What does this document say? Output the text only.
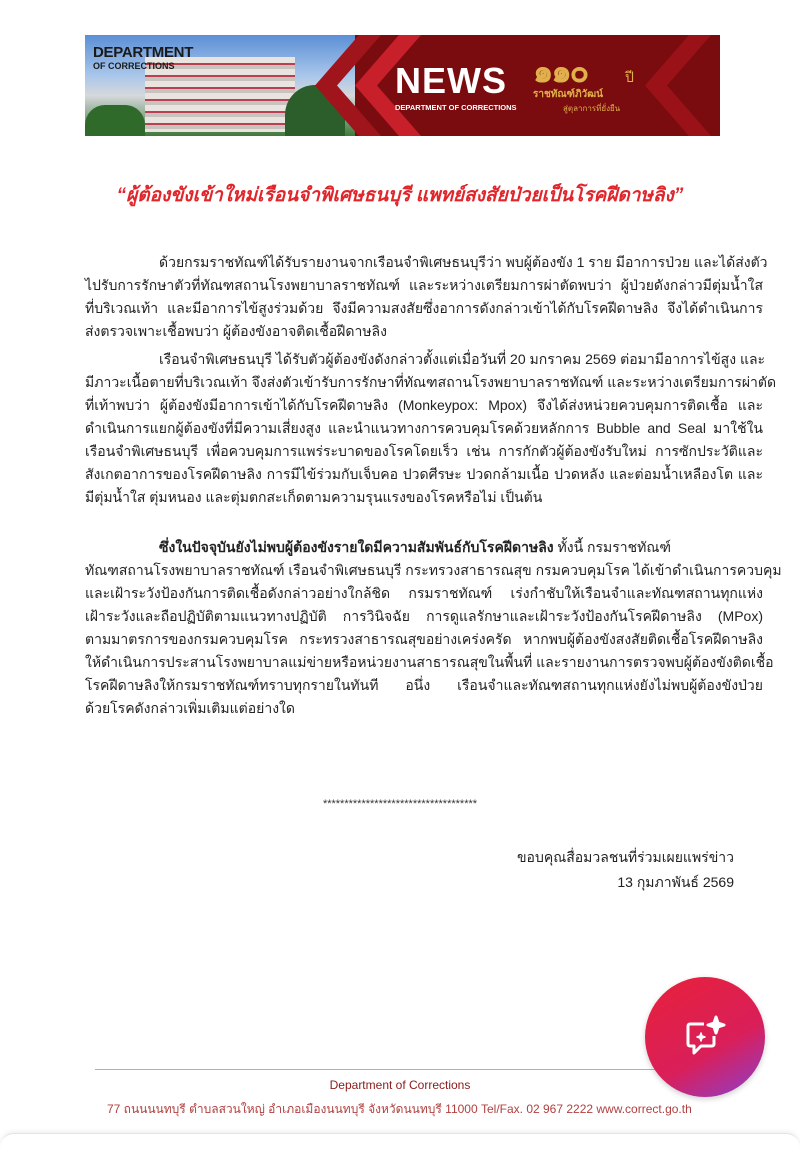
DEPARTMENT
OF CORRECTIONS	NEWS
DEPARTMENT OF CORRECTIONS
๑๑๐	ปี
ราชทัณฑ์ภิวัฒน์
สู่ตุลาการที่ยั่งยืน
“ผู้ต้องขังเข้าใหม่เรือนจำพิเศษธนบุรี แพทย์สงสัยป่วยเป็นโรคฝีดาษลิง”
ด้วยกรมราชทัณฑ์ได้รับรายงานจากเรือนจำพิเศษธนบุรีว่า พบผู้ต้องขัง 1 ราย มีอาการป่วย และได้ส่งตัว
ไปรับการรักษาตัวที่ทัณฑสถานโรงพยาบาลราชทัณฑ์ และระหว่างเตรียมการผ่าตัดพบว่า ผู้ป่วยดังกล่าวมีตุ่มน้ำใส
ที่บริเวณเท้า และมีอาการไข้สูงร่วมด้วย จึงมีความสงสัยซึ่งอาการดังกล่าวเข้าได้กับโรคฝีดาษลิง จึงได้ดำเนินการ
ส่งตรวจเพาะเชื้อพบว่า ผู้ต้องขังอาจติดเชื้อฝีดาษลิง
เรือนจำพิเศษธนบุรี ได้รับตัวผู้ต้องขังดังกล่าวตั้งแต่เมื่อวันที่ 20 มกราคม 2569 ต่อมามีอาการไข้สูง และ
มีภาวะเนื้อตายที่บริเวณเท้า จึงส่งตัวเข้ารับการรักษาที่ทัณฑสถานโรงพยาบาลราชทัณฑ์ และระหว่างเตรียมการผ่าตัด
ที่เท้าพบว่า ผู้ต้องขังมีอาการเข้าได้กับโรคฝีดาษลิง (Monkeypox: Mpox) จึงได้ส่งหน่วยควบคุมการติดเชื้อ และ
ดำเนินการแยกผู้ต้องขังที่มีความเสี่ยงสูง และนำแนวทางการควบคุมโรคด้วยหลักการ Bubble and Seal มาใช้ใน
เรือนจำพิเศษธนบุรี เพื่อควบคุมการแพร่ระบาดของโรคโดยเร็ว เช่น การกักตัวผู้ต้องขังรับใหม่ การซักประวัติและ
สังเกตอาการของโรคฝีดาษลิง การมีไข้ร่วมกับเจ็บคอ ปวดศีรษะ ปวดกล้ามเนื้อ ปวดหลัง และต่อมน้ำเหลืองโต และ
มีตุ่มน้ำใส ตุ่มหนอง และตุ่มตกสะเก็ดตามความรุนแรงของโรคหรือไม่ เป็นต้น
ซึ่งในปัจจุบันยังไม่พบผู้ต้องขังรายใดมีความสัมพันธ์กับโรคฝีดาษลิง ทั้งนี้ กรมราชทัณฑ์
ทัณฑสถานโรงพยาบาลราชทัณฑ์ เรือนจำพิเศษธนบุรี กระทรวงสาธารณสุข กรมควบคุมโรค ได้เข้าดำเนินการควบคุม
และเฝ้าระวังป้องกันการติดเชื้อดังกล่าวอย่างใกล้ชิด กรมราชทัณฑ์ เร่งกำชับให้เรือนจำและทัณฑสถานทุกแห่ง
เฝ้าระวังและถือปฏิบัติตามแนวทางปฏิบัติ การวินิจฉัย การดูแลรักษาและเฝ้าระวังป้องกันโรคฝีดาษลิง (MPox)
ตามมาตรการของกรมควบคุมโรค กระทรวงสาธารณสุขอย่างเคร่งครัด หากพบผู้ต้องขังสงสัยติดเชื้อโรคฝีดาษลิง
ให้ดำเนินการประสานโรงพยาบาลแม่ข่ายหรือหน่วยงานสาธารณสุขในพื้นที่ และรายงานการตรวจพบผู้ต้องขังติดเชื้อ
โรคฝีดาษลิงให้กรมราชทัณฑ์ทราบทุกรายในทันที อนึ่ง เรือนจำและทัณฑสถานทุกแห่งยังไม่พบผู้ต้องขังป่วย
ด้วยโรคดังกล่าวเพิ่มเติมแต่อย่างใด
************************************
ขอบคุณสื่อมวลชนที่ร่วมเผยแพร่ข่าว
13 กุมภาพันธ์ 2569
Department of Corrections
77 ถนนนนทบุรี ตำบลสวนใหญ่ อำเภอเมืองนนทบุรี จังหวัดนนทบุรี 11000 Tel/Fax. 02 967 2222 www.correct.go.th
